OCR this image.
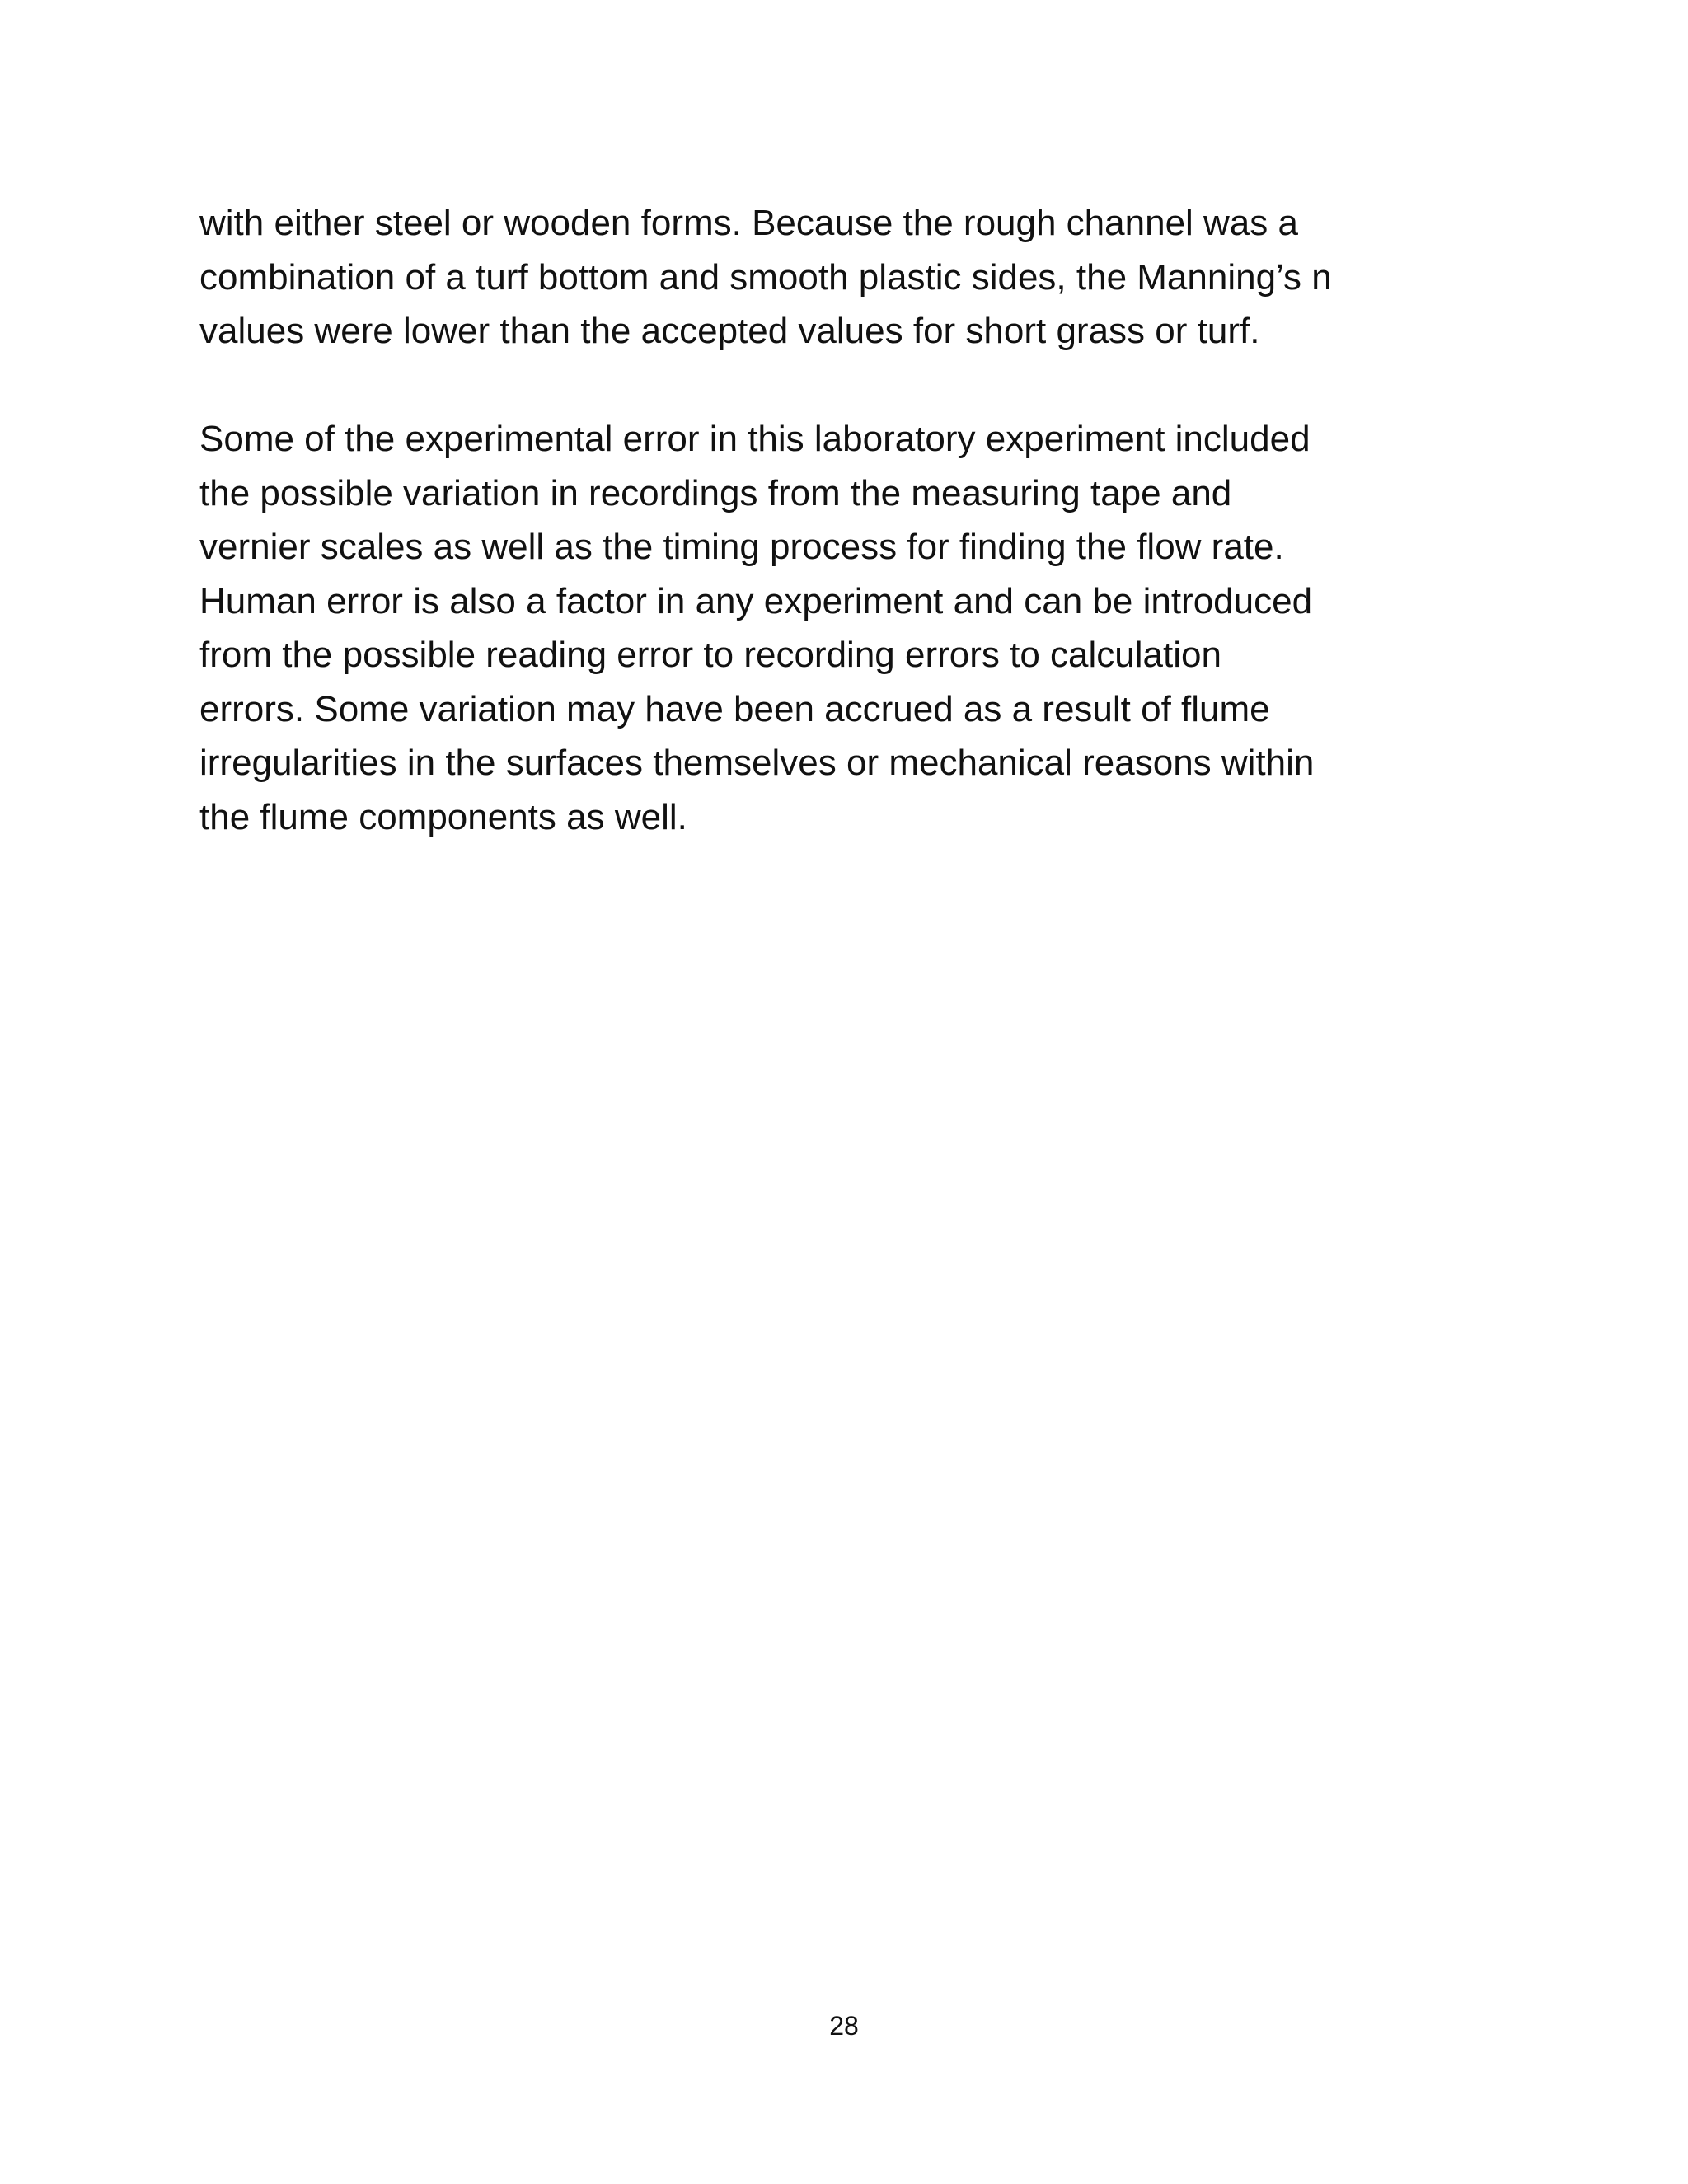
with either steel or wooden forms. Because the rough channel was a
combination of a turf bottom and smooth plastic sides, the Manning’s n
values were lower than the accepted values for short grass or turf.
Some of the experimental error in this laboratory experiment included
the possible variation in recordings from the measuring tape and
vernier scales as well as the timing process for finding the flow rate.
Human error is also a factor in any experiment and can be introduced
from the possible reading error to recording errors to calculation
errors. Some variation may have been accrued as a result of flume
irregularities in the surfaces themselves or mechanical reasons within
the flume components as well.
28
